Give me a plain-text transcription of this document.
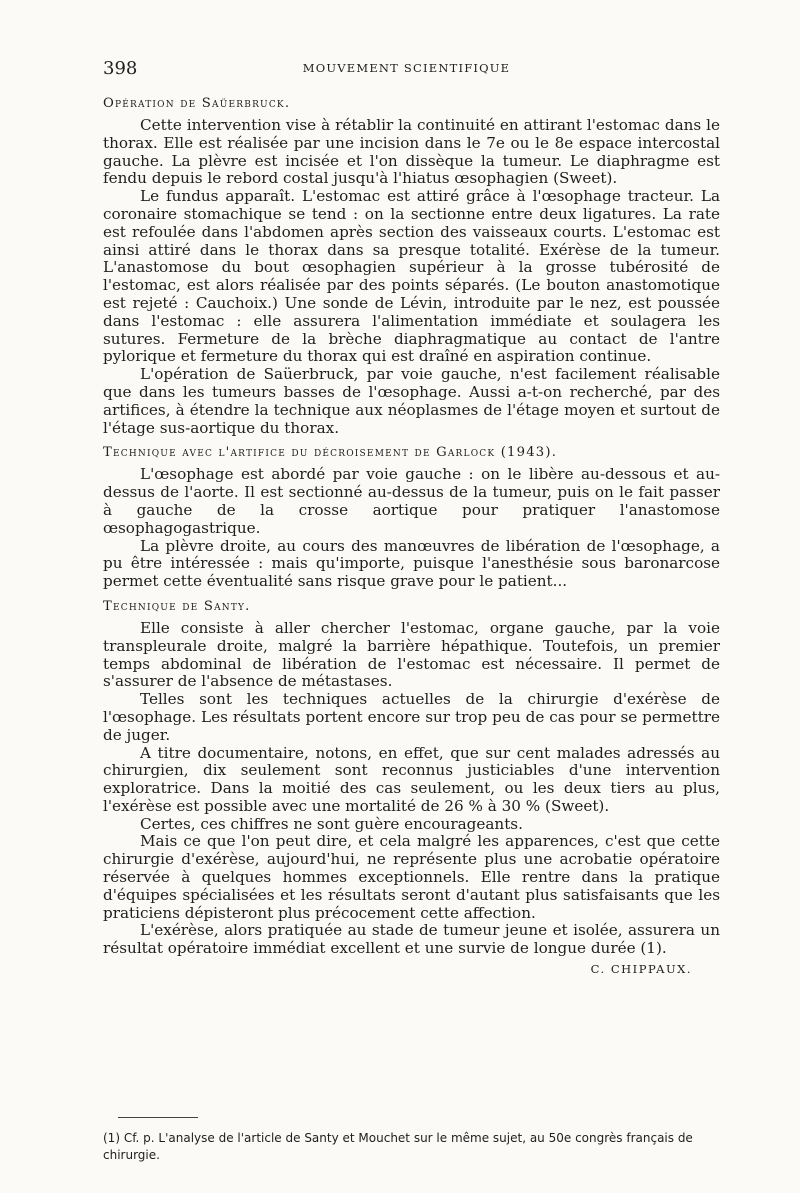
398	MOUVEMENT SCIENTIFIQUE
Opération de Saüerbruck.

Cette intervention vise à rétablir la continuité en attirant l'estomac dans le thorax. Elle est réalisée par une incision dans le 7e ou le 8e espace intercostal gauche. La plèvre est incisée et l'on dissèque la tumeur. Le diaphragme est fendu depuis le rebord costal jusqu'à l'hiatus œsophagien (Sweet).

Le fundus apparaît. L'estomac est attiré grâce à l'œsophage tracteur. La coronaire stomachique se tend : on la sectionne entre deux ligatures. La rate est refoulée dans l'abdomen après section des vaisseaux courts. L'estomac est ainsi attiré dans le thorax dans sa presque totalité. Exérèse de la tumeur. L'anastomose du bout œsophagien supérieur à la grosse tubérosité de l'estomac, est alors réalisée par des points séparés. (Le bouton anastomotique est rejeté : Cauchoix.) Une sonde de Lévin, introduite par le nez, est poussée dans l'estomac : elle assurera l'alimentation immédiate et soulagera les sutures. Fermeture de la brèche diaphragmatique au contact de l'antre pylorique et fermeture du thorax qui est draîné en aspiration continue.

L'opération de Saüerbruck, par voie gauche, n'est facilement réalisable que dans les tumeurs basses de l'œsophage. Aussi a-t-on recherché, par des artifices, à étendre la technique aux néoplasmes de l'étage moyen et surtout de l'étage sus-aortique du thorax.

Technique avec l'artifice du décroisement de Garlock (1943).

L'œsophage est abordé par voie gauche : on le libère au-dessous et au-dessus de l'aorte. Il est sectionné au-dessus de la tumeur, puis on le fait passer à gauche de la crosse aortique pour pratiquer l'anastomose œsophagogastrique.

La plèvre droite, au cours des manœuvres de libération de l'œsophage, a pu être intéressée : mais qu'importe, puisque l'anesthésie sous baronarcose permet cette éventualité sans risque grave pour le patient...

Technique de Santy.

Elle consiste à aller chercher l'estomac, organe gauche, par la voie transpleurale droite, malgré la barrière hépathique. Toutefois, un premier temps abdominal de libération de l'estomac est nécessaire. Il permet de s'assurer de l'absence de métastases.

Telles sont les techniques actuelles de la chirurgie d'exérèse de l'œsophage. Les résultats portent encore sur trop peu de cas pour se permettre de juger.

A titre documentaire, notons, en effet, que sur cent malades adressés au chirurgien, dix seulement sont reconnus justiciables d'une intervention exploratrice. Dans la moitié des cas seulement, ou les deux tiers au plus, l'exérèse est possible avec une mortalité de 26 % à 30 % (Sweet).

Certes, ces chiffres ne sont guère encourageants.

Mais ce que l'on peut dire, et cela malgré les apparences, c'est que cette chirurgie d'exérèse, aujourd'hui, ne représente plus une acrobatie opératoire réservée à quelques hommes exceptionnels. Elle rentre dans la pratique d'équipes spécialisées et les résultats seront d'autant plus satisfaisants que les praticiens dépisteront plus précocement cette affection.

L'exérèse, alors pratiquée au stade de tumeur jeune et isolée, assurera un résultat opératoire immédiat excellent et une survie de longue durée (1).

C. CHIPPAUX.
(1) Cf. p. L'analyse de l'article de Santy et Mouchet sur le même sujet, au 50e congrès français de chirurgie.
